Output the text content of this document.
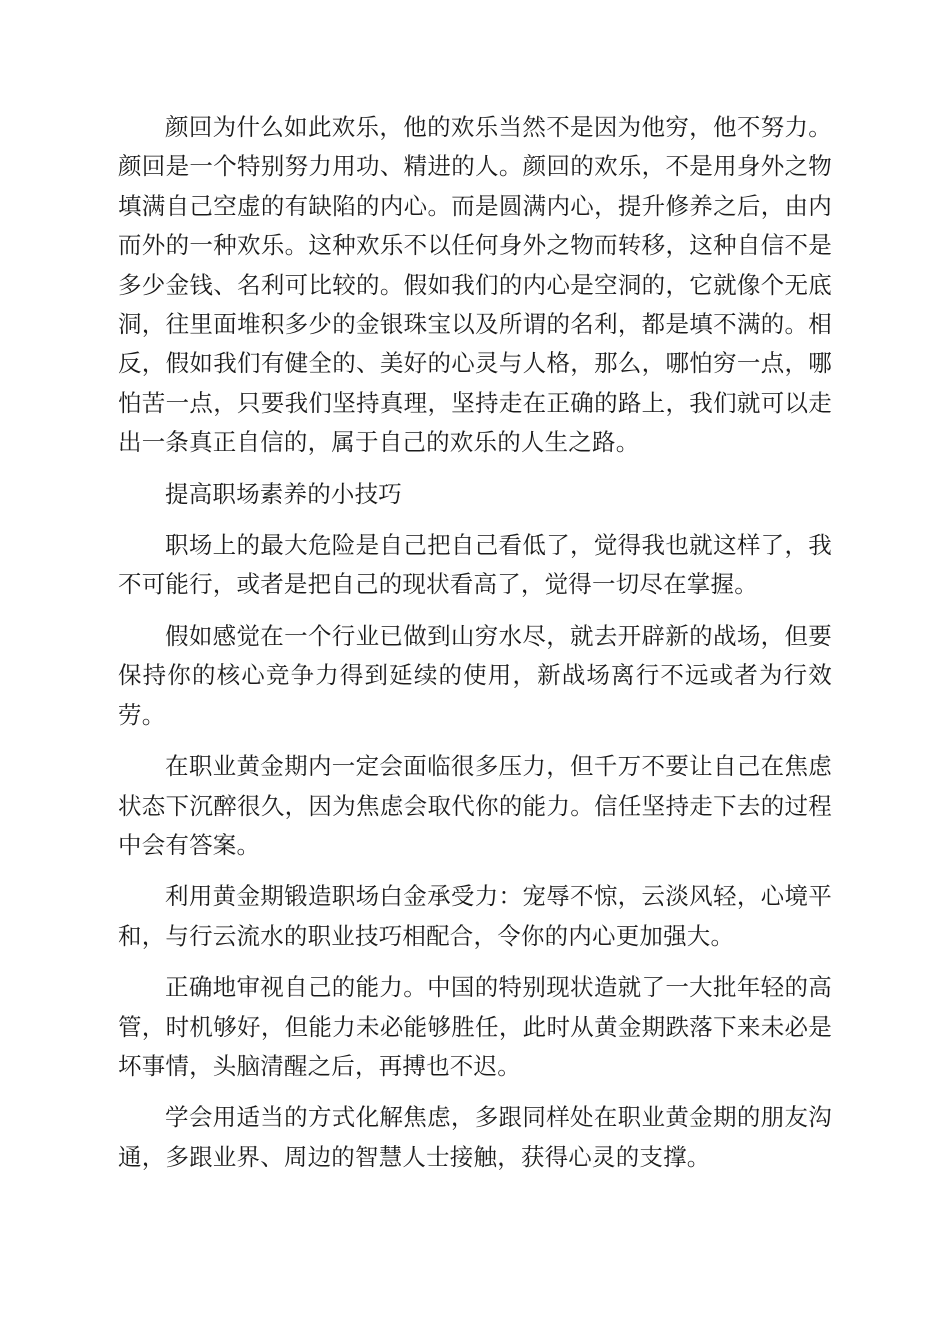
颜回为什么如此欢乐，他的欢乐当然不是因为他穷，他不努力。颜回是一个特别努力用功、精进的人。颜回的欢乐，不是用身外之物填满自己空虚的有缺陷的内心。而是圆满内心，提升修养之后，由内而外的一种欢乐。这种欢乐不以任何身外之物而转移，这种自信不是多少金钱、名利可比较的。假如我们的内心是空洞的，它就像个无底洞，往里面堆积多少的金银珠宝以及所谓的名利，都是填不满的。相反，假如我们有健全的、美好的心灵与人格，那么，哪怕穷一点，哪怕苦一点，只要我们坚持真理，坚持走在正确的路上，我们就可以走出一条真正自信的，属于自己的欢乐的人生之路。

提高职场素养的小技巧

职场上的最大危险是自己把自己看低了，觉得我也就这样了，我不可能行，或者是把自己的现状看高了，觉得一切尽在掌握。

假如感觉在一个行业已做到山穷水尽，就去开辟新的战场，但要保持你的核心竞争力得到延续的使用，新战场离行不远或者为行效劳。

在职业黄金期内一定会面临很多压力，但千万不要让自己在焦虑状态下沉醉很久，因为焦虑会取代你的能力。信任坚持走下去的过程中会有答案。

利用黄金期锻造职场白金承受力：宠辱不惊，云淡风轻，心境平和，与行云流水的职业技巧相配合，令你的内心更加强大。

正确地审视自己的能力。中国的特别现状造就了一大批年轻的高管，时机够好，但能力未必能够胜任，此时从黄金期跌落下来未必是坏事情，头脑清醒之后，再搏也不迟。

学会用适当的方式化解焦虑，多跟同样处在职业黄金期的朋友沟通，多跟业界、周边的智慧人士接触，获得心灵的支撑。
